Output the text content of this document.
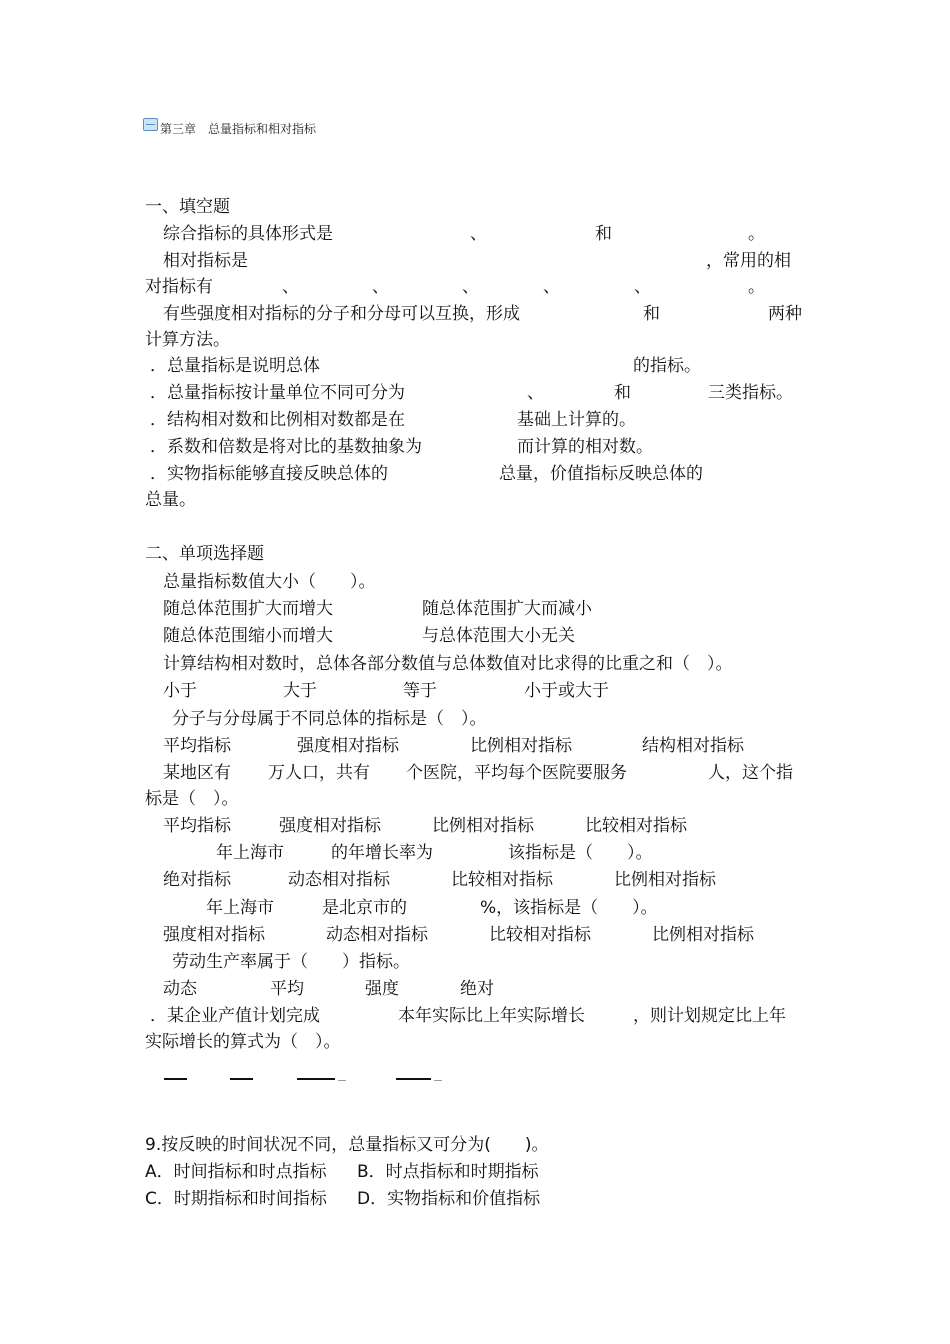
第三章　总量指标和相对指标
一、填空题
综合指标的具体形式是	、	和	。
相对指标是	，常用的相
对指标有	、	、	、	、	、	。
有些强度相对指标的分子和分母可以互换，形成	和	两种
计算方法。
．总量指标是说明总体	的指标。
．总量指标按计量单位不同可分为	、	和	三类指标。
．结构相对数和比例相对数都是在	基础上计算的。
．系数和倍数是将对比的基数抽象为	而计算的相对数。
．实物指标能够直接反映总体的	总量，价值指标反映总体的
总量。
二、单项选择题
总量指标数值大小（　　）。
随总体范围扩大而增大	随总体范围扩大而减小
随总体范围缩小而增大	与总体范围大小无关
计算结构相对数时，总体各部分数值与总体数值对比求得的比重之和（　）。
小于	大于	等于	小于或大于
分子与分母属于不同总体的指标是（　）。
平均指标	强度相对指标	比例相对指标	结构相对指标
某地区有 万人口，共有 个医院，平均每个医院要服务	人，这个指
标是（　）。
平均指标	强度相对指标	比例相对指标	比较相对指标
年上海市	的年增长率为	该指标是（　　）。
绝对指标	动态相对指标	比较相对指标	比例相对指标
年上海市	是北京市的	%，该指标是（　　）。
强度相对指标	动态相对指标	比较相对指标	比例相对指标
劳动生产率属于（　　）指标。
动态	平均	强度	绝对
．某企业产值计划完成	本年实际比上年实际增长	，则计划规定比上年
实际增长的算式为（　）。
－	－
9.按反映的时间状况不同，总量指标又可分为(　　)。
A．时间指标和时点指标 B．时点指标和时期指标
C．时期指标和时间指标 D．实物指标和价值指标
